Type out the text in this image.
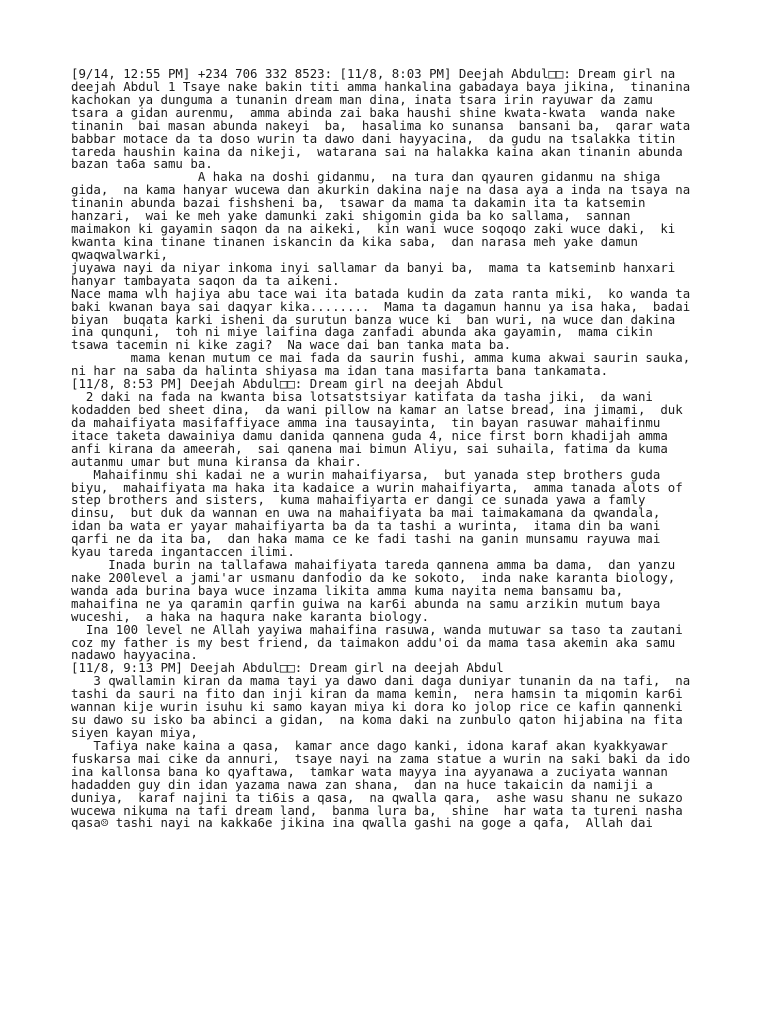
[9/14, 12:55 PM] +234 706 332 8523: [11/8, 8:03 PM] Deejah Abdul□□: Dream girl na
deejah Abdul 1 Tsaye nake bakin titi amma hankalina gabadaya baya jikina,  tinanina
kachokan ya dunguma a tunanin dream man dina, inata tsara irin rayuwar da zamu
tsara a gidan aurenmu,  amma abinda zai baka haushi shine kwata-kwata  wanda nake
tinanin  bai masan abunda nakeyi  ba,  hasalima ko sunansa  bansani ba,  qarar wata
babbar motace da ta doso wurin ta dawo dani hayyacina,  da gudu na tsalakka titin
tareda haushin kaina da nikeji,  watarana sai na halakka kaina akan tinanin abunda
bazan ta6a samu ba.
A haka na doshi gidanmu,  na tura dan qyauren gidanmu na shiga
gida,  na kama hanyar wucewa dan akurkin dakina naje na dasa aya a inda na tsaya na
tinanin abunda bazai fishsheni ba,  tsawar da mama ta dakamin ita ta katsemin
hanzari,  wai ke meh yake damunki zaki shigomin gida ba ko sallama,  sannan
maimakon ki gayamin saqon da na aikeki,  kin wani wuce soqoqo zaki wuce daki,  ki
kwanta kina tinane tinanen iskancin da kika saba,  dan narasa meh yake damun
qwaqwalwarki,
juyawa nayi da niyar inkoma inyi sallamar da banyi ba,  mama ta katseminb hanxari
hanyar tambayata saqon da ta aikeni.
Nace mama wlh hajiya abu tace wai ita batada kudin da zata ranta miki,  ko wanda ta
baki kwanan baya sai daqyar kika........  Mama ta dagamun hannu ya isa haka,  badai
biyan  buqata karki isheni da surutun banza wuce ki  ban wuri, na wuce dan dakina
ina qunquni,  toh ni miye laifina daga zanfadi abunda aka gayamin,  mama cikin
tsawa tacemin ni kike zagi?  Na wace dai ban tanka mata ba.
mama kenan mutum ce mai fada da saurin fushi, amma kuma akwai saurin sauka,
ni har na saba da halinta shiyasa ma idan tana masifarta bana tankamata.
[11/8, 8:53 PM] Deejah Abdul□□: Dream girl na deejah Abdul
2 daki na fada na kwanta bisa lotsatstsiyar katifata da tasha jiki,  da wani
kodadden bed sheet dina,  da wani pillow na kamar an latse bread, ina jimami,  duk
da mahaifiyata masifaffiyace amma ina tausayinta,  tin bayan rasuwar mahaifinmu
itace taketa dawainiya damu danida qannena guda 4, nice first born khadijah amma
anfi kirana da ameerah,  sai qanena mai bimun Aliyu, sai suhaila, fatima da kuma
autanmu umar but muna kiransa da khair.
Mahaifinmu shi kadai ne a wurin mahaifiyarsa,  but yanada step brothers guda
biyu,  mahaifiyata ma haka ita kadaice a wurin mahaifiyarta,  amma tanada alots of
step brothers and sisters,  kuma mahaifiyarta er dangi ce sunada yawa a famly
dinsu,  but duk da wannan en uwa na mahaifiyata ba mai taimakamana da qwandala,
idan ba wata er yayar mahaifiyarta ba da ta tashi a wurinta,  itama din ba wani
qarfi ne da ita ba,  dan haka mama ce ke fadi tashi na ganin munsamu rayuwa mai
kyau tareda ingantaccen ilimi.
Inada burin na tallafawa mahaifiyata tareda qannena amma ba dama,  dan yanzu
nake 200level a jami'ar usmanu danfodio da ke sokoto,  inda nake karanta biology,
wanda ada burina baya wuce inzama likita amma kuma nayita nema bansamu ba,
mahaifina ne ya qaramin qarfin guiwa na kar6i abunda na samu arzikin mutum baya
wuceshi,  a haka na haqura nake karanta biology.
Ina 100 level ne Allah yayiwa mahaifina rasuwa, wanda mutuwar sa taso ta zautani
coz my father is my best friend, da taimakon addu'oi da mama tasa akemin aka samu
nadawo hayyacina.
[11/8, 9:13 PM] Deejah Abdul□□: Dream girl na deejah Abdul
3 qwallamin kiran da mama tayi ya dawo dani daga duniyar tunanin da na tafi,  na
tashi da sauri na fito dan inji kiran da mama kemin,  nera hamsin ta miqomin kar6i
wannan kije wurin isuhu ki samo kayan miya ki dora ko jolop rice ce kafin qannenki
su dawo su isko ba abinci a gidan,  na koma daki na zunbulo qaton hijabina na fita
siyen kayan miya,
Tafiya nake kaina a qasa,  kamar ance dago kanki, idona karaf akan kyakkyawar
fuskarsa mai cike da annuri,  tsaye nayi na zama statue a wurin na saki baki da ido
ina kallonsa bana ko qyaftawa,  tamkar wata mayya ina ayyanawa a zuciyata wannan
hadadden guy din idan yazama nawa zan shana,  dan na huce takaicin da namiji a
duniya,  karaf najini ta ti6is a qasa,  na qwalla qara,  ashe wasu shanu ne sukazo
wucewa nikuma na tafi dream land,  banma lura ba,  shine  har wata ta tureni nasha
qasa☹ tashi nayi na kakka6e jikina ina qwalla gashi na goge a qafa,  Allah dai
